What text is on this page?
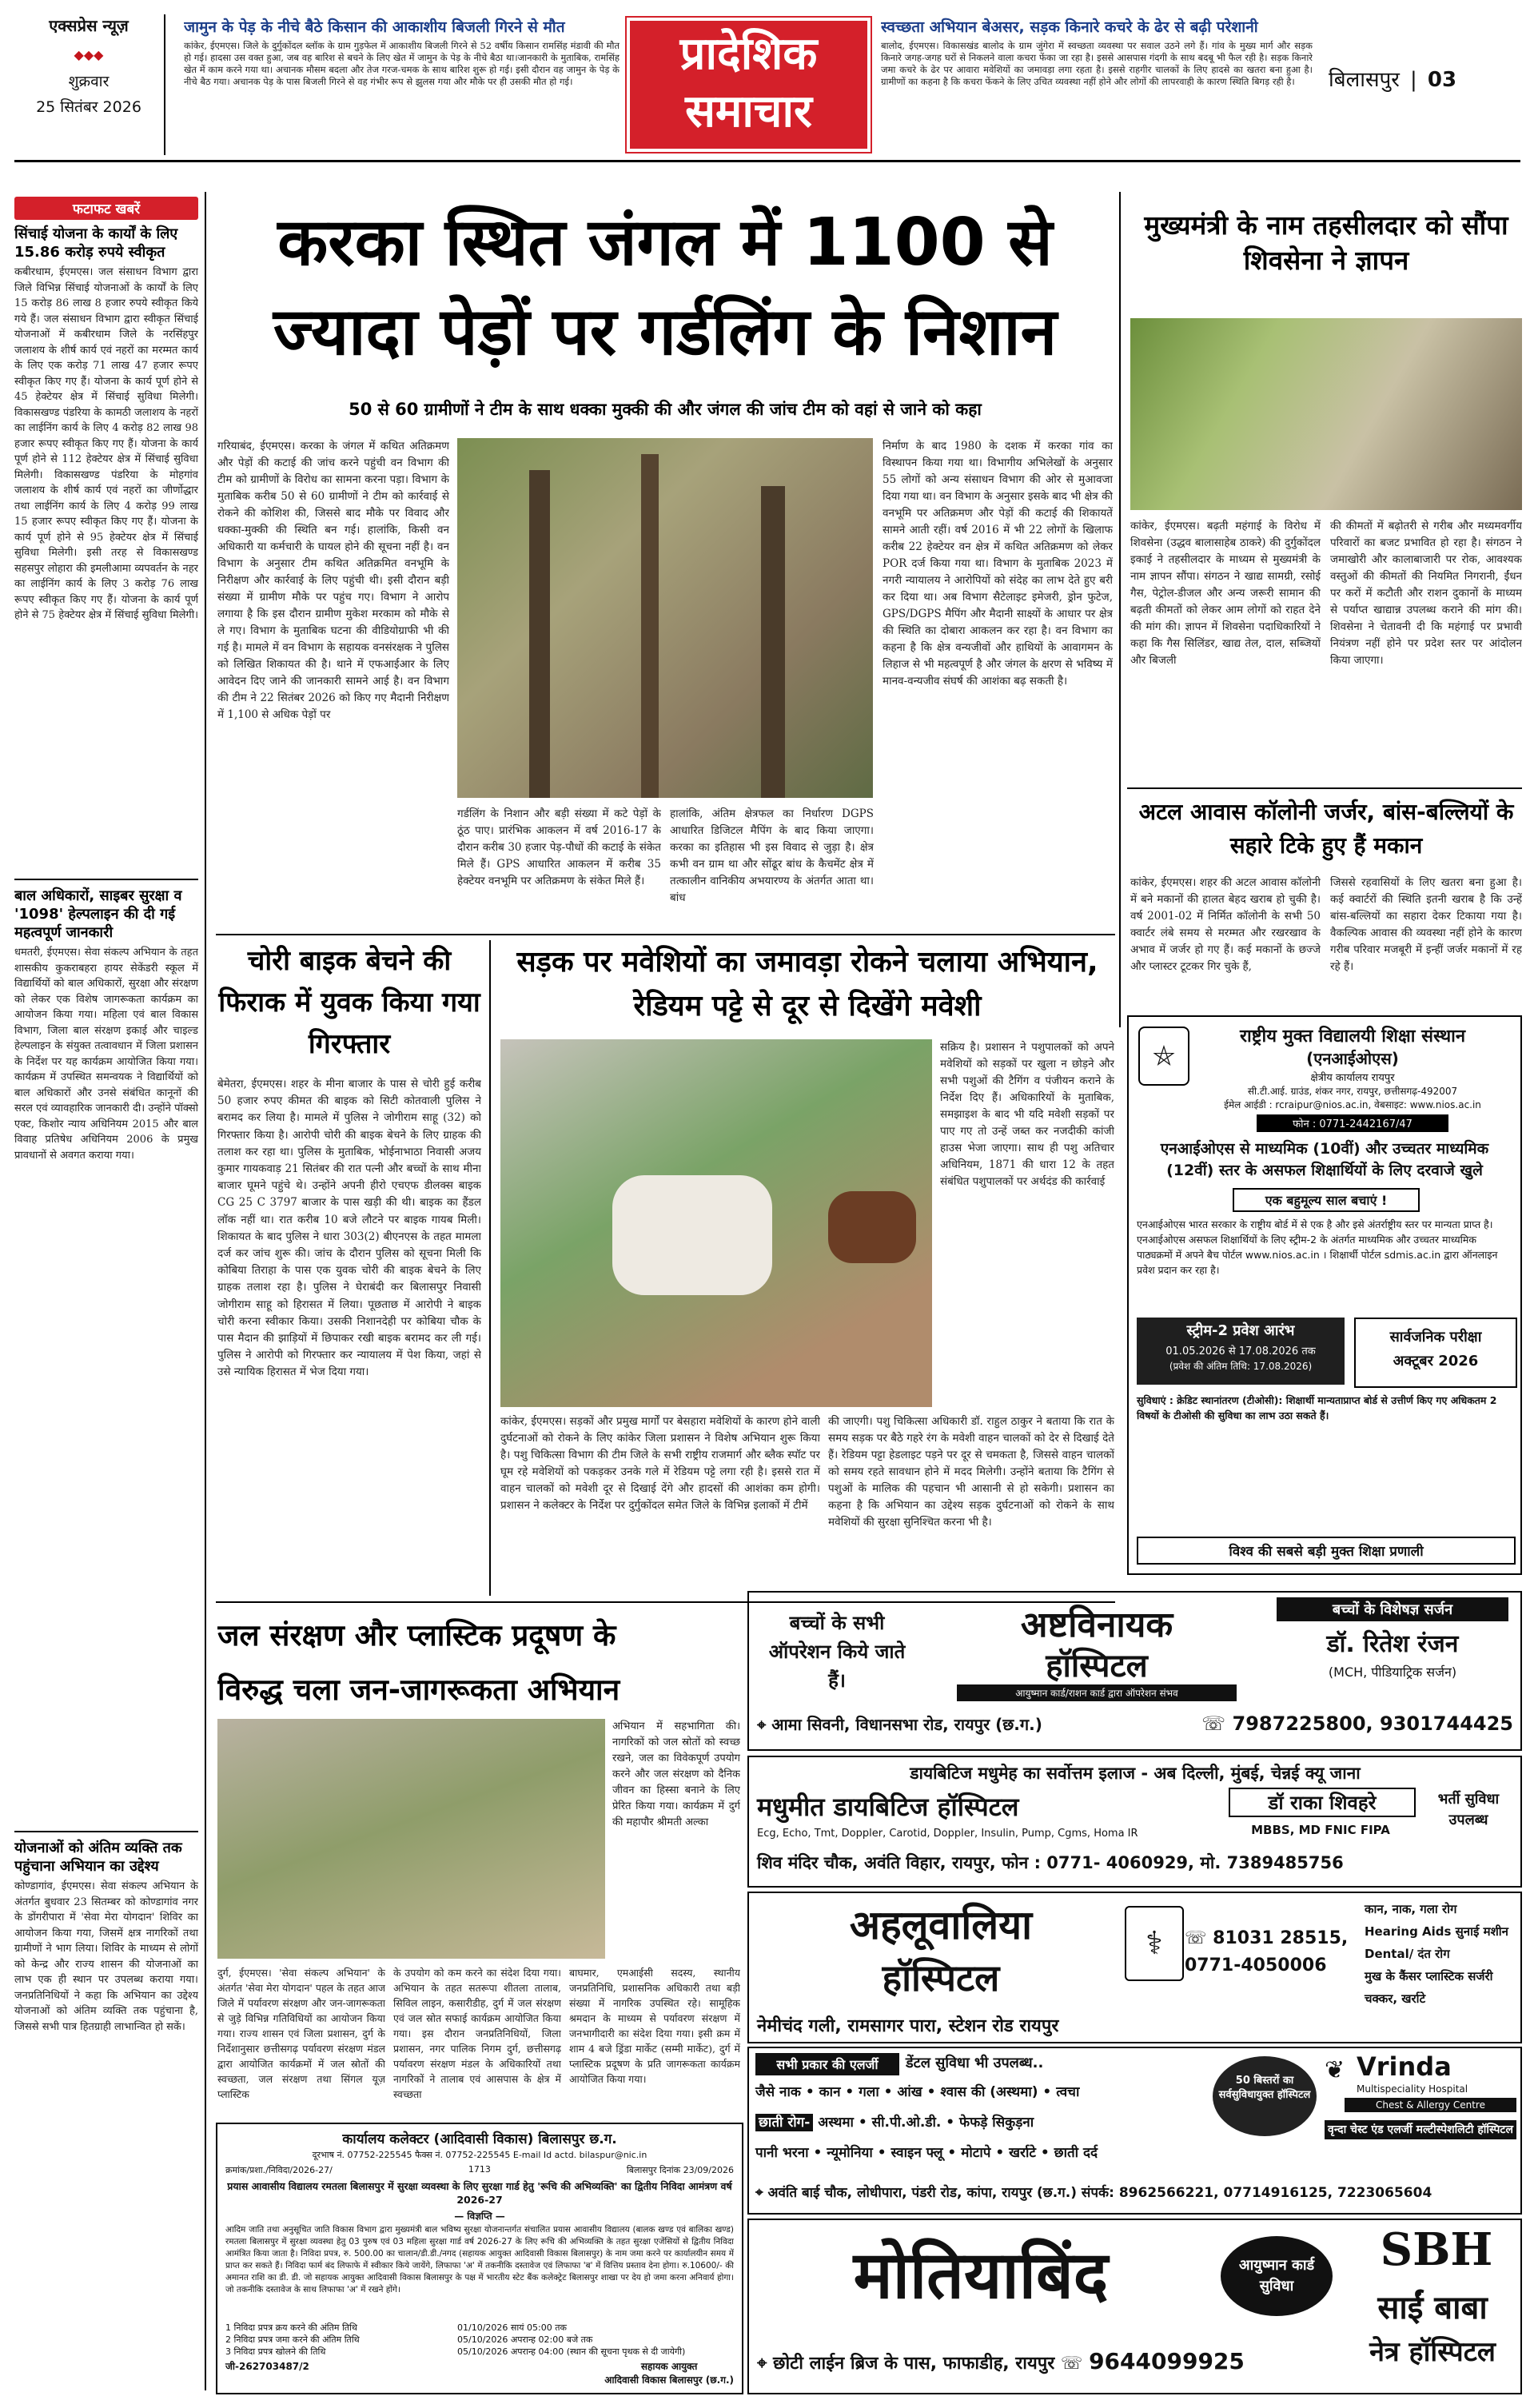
एक्सप्रेस न्यूज़
◆◆◆
शुक्रवार
25 सितंबर 2026
जामुन के पेड़ के नीचे बैठे किसान की आकाशीय बिजली गिरने से मौत
कांकेर, ईएमएस। जिले के दुर्गुकोंदल ब्लॉक के ग्राम गुड़फेल में आकाशीय बिजली गिरने से 52 वर्षीय किसान रामसिंह मंडावी की मौत हो गई। हादसा उस वक्त हुआ, जब वह बारिश से बचने के लिए खेत में जामुन के पेड़ के नीचे बैठा था।जानकारी के मुताबिक, रामसिंह खेत में काम करने गया था। अचानक मौसम बदला और तेज गरज-चमक के साथ बारिश शुरू हो गई। इसी दौरान वह जामुन के पेड़ के नीचे बैठ गया। अचानक पेड़ के पास बिजली गिरने से वह गंभीर रूप से झुलस गया और मौके पर ही उसकी मौत हो गई।
प्रादेशिक
समाचार
स्वच्छता अभियान बेअसर, सड़क किनारे कचरे के ढेर से बढ़ी परेशानी
बालोद, ईएमएस। विकासखंड बालोद के ग्राम जुंगेरा में स्वच्छता व्यवस्था पर सवाल उठने लगे हैं। गांव के मुख्य मार्ग और सड़क किनारे जगह-जगह घरों से निकलने वाला कचरा फेंका जा रहा है। इससे आसपास गंदगी के साथ बदबू भी फैल रही है। सड़क किनारे जमा कचरे के ढेर पर आवारा मवेशियों का जमावड़ा लगा रहता है। इससे राहगीर चालकों के लिए हादसे का खतरा बना हुआ है। ग्रामीणों का कहना है कि कचरा फेंकने के लिए उचित व्यवस्था नहीं होने और लोगों की लापरवाही के कारण स्थिति बिगड़ रही है।	बिलासपुर | 03
फटाफट खबरें
सिंचाई योजना के कार्यों के लिए 15.86 करोड़ रुपये स्वीकृत
कबीरधाम, ईएमएस। जल संसाधन विभाग द्वारा जिले विभिन्न सिंचाई योजनाओं के कार्यों के लिए 15 करोड़ 86 लाख 8 हजार रुपये स्वीकृत किये गये हैं। जल संसाधन विभाग द्वारा स्वीकृत सिंचाई योजनाओं में कबीरधाम जिले के नरसिंहपुर जलाशय के शीर्ष कार्य एवं नहरों का मरम्मत कार्य के लिए एक करोड़ 71 लाख 47 हजार रूपए स्वीकृत किए गए हैं। योजना के कार्य पूर्ण होने से 45 हेक्टेयर क्षेत्र में सिंचाई सुविधा मिलेगी। विकासखण्ड पंडरिया के कामठी जलाशय के नहरों का लाईनिंग कार्य के लिए 4 करोड़ 82 लाख 98 हजार रूपए स्वीकृत किए गए हैं। योजना के कार्य पूर्ण होने से 112 हेक्टेयर क्षेत्र में सिंचाई सुविधा मिलेगी। विकासखण्ड पंडरिया के मोहगांव जलाशय के शीर्ष कार्य एवं नहरों का जीर्णोद्धार तथा लाईनिंग कार्य के लिए 4 करोड़ 99 लाख 15 हजार रूपए स्वीकृत किए गए हैं। योजना के कार्य पूर्ण होने से 95 हेक्टेयर क्षेत्र में सिंचाई सुविधा मिलेगी। इसी तरह से विकासखण्ड सहसपुर लोहारा की इमलीआमा व्यपवर्तन के नहर का लाईनिंग कार्य के लिए 3 करोड़ 76 लाख रूपए स्वीकृत किए गए हैं। योजना के कार्य पूर्ण होने से 75 हेक्टेयर क्षेत्र में सिंचाई सुविधा मिलेगी।
बाल अधिकारों, साइबर सुरक्षा व '1098' हेल्पलाइन की दी गई महत्वपूर्ण जानकारी
धमतरी, ईएमएस। सेवा संकल्प अभियान के तहत शासकीय कुकराबहरा हायर सेकेंडरी स्कूल में विद्यार्थियों को बाल अधिकारों, सुरक्षा और संरक्षण को लेकर एक विशेष जागरूकता कार्यक्रम का आयोजन किया गया। महिला एवं बाल विकास विभाग, जिला बाल संरक्षण इकाई और चाइल्ड हेल्पलाइन के संयुक्त तत्वावधान में जिला प्रशासन के निर्देश पर यह कार्यक्रम आयोजित किया गया। कार्यक्रम में उपस्थित समन्वयक ने विद्यार्थियों को बाल अधिकारों और उनसे संबंधित कानूनों की सरल एवं व्यावहारिक जानकारी दी। उन्होंने पॉक्सो एक्ट, किशोर न्याय अधिनियम 2015 और बाल विवाह प्रतिषेध अधिनियम 2006 के प्रमुख प्रावधानों से अवगत कराया गया।
योजनाओं को अंतिम व्यक्ति तक पहुंचाना अभियान का उद्देश्य
कोण्डागांव, ईएमएस। सेवा संकल्प अभियान के अंतर्गत बुधवार 23 सितम्बर को कोण्डागांव नगर के डोंगरीपारा में 'सेवा मेरा योगदान' शिविर का आयोजन किया गया, जिसमें क्षत्र नागरिकों तथा ग्रामीणों ने भाग लिया। शिविर के माध्यम से लोगों को केन्द्र और राज्य शासन की योजनाओं का लाभ एक ही स्थान पर उपलब्ध कराया गया। जनप्रतिनिधियों ने कहा कि अभियान का उद्देश्य योजनाओं को अंतिम व्यक्ति तक पहुंचाना है, जिससे सभी पात्र हितग्राही लाभान्वित हो सकें।
करका स्थित जंगल में 1100 से
ज्यादा पेड़ों पर गर्डलिंग के निशान
50 से 60 ग्रामीणों ने टीम के साथ धक्का मुक्की की और जंगल की जांच टीम को वहां से जाने को कहा
गरियाबंद, ईएमएस। करका के जंगल में कथित अतिक्रमण और पेड़ों की कटाई की जांच करने पहुंची वन विभाग की टीम को ग्रामीणों के विरोध का सामना करना पड़ा। विभाग के मुताबिक करीब 50 से 60 ग्रामीणों ने टीम को कार्रवाई से रोकने की कोशिश की, जिससे बाद मौके पर विवाद और धक्का-मुक्की की स्थिति बन गई। हालांकि, किसी वन अधिकारी या कर्मचारी के घायल होने की सूचना नहीं है। वन विभाग के अनुसार टीम कथित अतिक्रमित वनभूमि के निरीक्षण और कार्रवाई के लिए पहुंची थी। इसी दौरान बड़ी संख्या में ग्रामीण मौके पर पहुंच गए। विभाग ने आरोप लगाया है कि इस दौरान ग्रामीण मुकेश मरकाम को मौके से ले गए। विभाग के मुताबिक घटना की वीडियोग्राफी भी की गई है। मामले में वन विभाग के सहायक वनसंरक्षक ने पुलिस को लिखित शिकायत की है। थाने में एफआईआर के लिए आवेदन दिए जाने की जानकारी सामने आई है। वन विभाग की टीम ने 22 सितंबर 2026 को किए गए मैदानी निरीक्षण में 1,100 से अधिक पेड़ों पर
गर्डलिंग के निशान और बड़ी संख्या में कटे पेड़ों के ठूंठ पाए। प्रारंभिक आकलन में वर्ष 2016-17 के दौरान करीब 30 हजार पेड़-पौधों की कटाई के संकेत मिले हैं। GPS आधारित आकलन में करीब 35 हेक्टेयर वनभूमि पर अतिक्रमण के संकेत मिले हैं।
हालांकि, अंतिम क्षेत्रफल का निर्धारण DGPS आधारित डिजिटल मैपिंग के बाद किया जाएगा। करका का इतिहास भी इस विवाद से जुड़ा है। क्षेत्र कभी वन ग्राम था और सोंढूर बांध के कैचमेंट क्षेत्र में तत्कालीन वानिकीय अभयारण्य के अंतर्गत आता था। बांध
निर्माण के बाद 1980 के दशक में करका गांव का विस्थापन किया गया था। विभागीय अभिलेखों के अनुसार 55 लोगों को अन्य संसाधन विभाग की ओर से मुआवजा दिया गया था। वन विभाग के अनुसार इसके बाद भी क्षेत्र की वनभूमि पर अतिक्रमण और पेड़ों की कटाई की शिकायतें सामने आती रहीं। वर्ष 2016 में भी 22 लोगों के खिलाफ करीब 22 हेक्टेयर वन क्षेत्र में कथित अतिक्रमण को लेकर POR दर्ज किया गया था। विभाग के मुताबिक 2023 में नगरी न्यायालय ने आरोपियों को संदेह का लाभ देते हुए बरी कर दिया था। अब विभाग सैटेलाइट इमेजरी, ड्रोन फुटेज, GPS/DGPS मैपिंग और मैदानी साक्ष्यों के आधार पर क्षेत्र की स्थिति का दोबारा आकलन कर रहा है। वन विभाग का कहना है कि क्षेत्र वन्यजीवों और हाथियों के आवागमन के लिहाज से भी महत्वपूर्ण है और जंगल के क्षरण से भविष्य में मानव-वन्यजीव संघर्ष की आशंका बढ़ सकती है।
मुख्यमंत्री के नाम तहसीलदार को सौंपा शिवसेना ने ज्ञापन
कांकेर, ईएमएस। बढ़ती महंगाई के विरोध में शिवसेना (उद्धव बालासाहेब ठाकरे) की दुर्गुकोंदल इकाई ने तहसीलदार के माध्यम से मुख्यमंत्री के नाम ज्ञापन सौंपा। संगठन ने खाद्य सामग्री, रसोई गैस, पेट्रोल-डीजल और अन्य जरूरी सामान की बढ़ती कीमतों को लेकर आम लोगों को राहत देने की मांग की। ज्ञापन में शिवसेना पदाधिकारियों ने कहा कि गैस सिलिंडर, खाद्य तेल, दाल, सब्जियों और बिजली
की कीमतों में बढ़ोतरी से गरीब और मध्यमवर्गीय परिवारों का बजट प्रभावित हो रहा है। संगठन ने जमाखोरी और कालाबाजारी पर रोक, आवश्यक वस्तुओं की कीमतों की नियमित निगरानी, ईंधन पर करों में कटौती और राशन दुकानों के माध्यम से पर्याप्त खाद्यान्न उपलब्ध कराने की मांग की। शिवसेना ने चेतावनी दी कि महंगाई पर प्रभावी नियंत्रण नहीं होने पर प्रदेश स्तर पर आंदोलन किया जाएगा।
अटल आवास कॉलोनी जर्जर, बांस-बल्लियों के सहारे टिके हुए हैं मकान
कांकेर, ईएमएस। शहर की अटल आवास कॉलोनी में बने मकानों की हालत बेहद खराब हो चुकी है। वर्ष 2001-02 में निर्मित कॉलोनी के सभी 50 क्वार्टर लंबे समय से मरम्मत और रखरखाव के अभाव में जर्जर हो गए हैं। कई मकानों के छज्जे और प्लास्टर टूटकर गिर चुके हैं,
जिससे रहवासियों के लिए खतरा बना हुआ है। कई क्वार्टरों की स्थिति इतनी खराब है कि उन्हें बांस-बल्लियों का सहारा देकर टिकाया गया है। वैकल्पिक आवास की व्यवस्था नहीं होने के कारण गरीब परिवार मजबूरी में इन्हीं जर्जर मकानों में रह रहे हैं।
चोरी बाइक बेचने की फिराक में युवक किया गया गिरफ्तार
बेमेतरा, ईएमएस। शहर के मीना बाजार के पास से चोरी हुई करीब 50 हजार रुपए कीमत की बाइक को सिटी कोतवाली पुलिस ने बरामद कर लिया है। मामले में पुलिस ने जोगीराम साहू (32) को गिरफ्तार किया है। आरोपी चोरी की बाइक बेचने के लिए ग्राहक की तलाश कर रहा था। पुलिस के मुताबिक, भोईनाभाठा निवासी अजय कुमार गायकवाड़ 21 सितंबर की रात पत्नी और बच्चों के साथ मीना बाजार घूमने पहुंचे थे। उन्होंने अपनी हीरो एचएफ डीलक्स बाइक CG 25 C 3797 बाजार के पास खड़ी की थी। बाइक का हैंडल लॉक नहीं था। रात करीब 10 बजे लौटने पर बाइक गायब मिली। शिकायत के बाद पुलिस ने धारा 303(2) बीएनएस के तहत मामला दर्ज कर जांच शुरू की। जांच के दौरान पुलिस को सूचना मिली कि कोबिया तिराहा के पास एक युवक चोरी की बाइक बेचने के लिए ग्राहक तलाश रहा है। पुलिस ने घेराबंदी कर बिलासपुर निवासी जोगीराम साहू को हिरासत में लिया। पूछताछ में आरोपी ने बाइक चोरी करना स्वीकार किया। उसकी निशानदेही पर कोबिया चौक के पास मैदान की झाड़ियों में छिपाकर रखी बाइक बरामद कर ली गई। पुलिस ने आरोपी को गिरफ्तार कर न्यायालय में पेश किया, जहां से उसे न्यायिक हिरासत में भेज दिया गया।
सड़क पर मवेशियों का जमावड़ा रोकने चलाया अभियान, रेडियम पट्टे से दूर से दिखेंगे मवेशी
सक्रिय है। प्रशासन ने पशुपालकों को अपने मवेशियों को सड़कों पर खुला न छोड़ने और सभी पशुओं की टैगिंग व पंजीयन कराने के निर्देश दिए हैं। अधिकारियों के मुताबिक, समझाइश के बाद भी यदि मवेशी सड़कों पर पाए गए तो उन्हें जब्त कर नजदीकी कांजी हाउस भेजा जाएगा। साथ ही पशु अतिचार अधिनियम, 1871 की धारा 12 के तहत संबंधित पशुपालकों पर अर्थदंड की कार्रवाई
कांकेर, ईएमएस। सड़कों और प्रमुख मार्गों पर बेसहारा मवेशियों के कारण होने वाली दुर्घटनाओं को रोकने के लिए कांकेर जिला प्रशासन ने विशेष अभियान शुरू किया है। पशु चिकित्सा विभाग की टीम जिले के सभी राष्ट्रीय राजमार्ग और ब्लैक स्पॉट पर घूम रहे मवेशियों को पकड़कर उनके गले में रेडियम पट्टे लगा रही है। इससे रात में वाहन चालकों को मवेशी दूर से दिखाई देंगे और हादसों की आशंका कम होगी। प्रशासन ने कलेक्टर के निर्देश पर दुर्गुकोंदल समेत जिले के विभिन्न इलाकों में टीमें
की जाएगी। पशु चिकित्सा अधिकारी डॉ. राहुल ठाकुर ने बताया कि रात के समय सड़क पर बैठे गहरे रंग के मवेशी वाहन चालकों को देर से दिखाई देते हैं। रेडियम पट्टा हेडलाइट पड़ने पर दूर से चमकता है, जिससे वाहन चालकों को समय रहते सावधान होने में मदद मिलेगी। उन्होंने बताया कि टैगिंग से पशुओं के मालिक की पहचान भी आसानी से हो सकेगी। प्रशासन का कहना है कि अभियान का उद्देश्य सड़क दुर्घटनाओं को रोकने के साथ मवेशियों की सुरक्षा सुनिश्चित करना भी है।
⛤
राष्ट्रीय मुक्त विद्यालयी शिक्षा संस्थान
(एनआईओएस)
क्षेत्रीय कार्यालय रायपुर
सी.टी.आई. ग्राउंड, शंकर नगर, रायपुर, छत्तीसगढ़-492007
ईमेल आईडी : rcraipur@nios.ac.in, वेबसाइट: www.nios.ac.in
फोन : 0771-2442167/47
एनआईओएस से माध्यमिक (10वीं) और उच्चतर माध्यमिक (12वीं) स्तर के असफल शिक्षार्थियों के लिए दरवाजे खुले
एक बहुमूल्य साल बचाएं !
एनआईओएस भारत सरकार के राष्ट्रीय बोर्ड में से एक है और इसे अंतर्राष्ट्रीय स्तर पर मान्यता प्राप्त है। एनआईओएस असफल शिक्षार्थियों के लिए स्ट्रीम-2 के अंतर्गत माध्यमिक और उच्चतर माध्यमिक पाठ्यक्रमों में अपने बैच पोर्टल www.nios.ac.in । शिक्षार्थी पोर्टल sdmis.ac.in द्वारा ऑनलाइन प्रवेश प्रदान कर रहा है।
स्ट्रीम-2 प्रवेश आरंभ
01.05.2026 से 17.08.2026 तक
(प्रवेश की अंतिम तिथि: 17.08.2026)
सार्वजनिक परीक्षा
अक्टूबर 2026
सुविधाएं : क्रेडिट स्थानांतरण (टीओसी): शिक्षार्थी मान्यताप्राप्त बोर्ड से उत्तीर्ण किए गए अधिकतम 2 विषयों के टीओसी की सुविधा का लाभ उठा सकते हैं।
विश्व की सबसे बड़ी मुक्त शिक्षा प्रणाली
जल संरक्षण और प्लास्टिक प्रदूषण के
विरुद्ध चला जन-जागरूकता अभियान
अभियान में सहभागिता की। नागरिकों को जल स्रोतों को स्वच्छ रखने, जल का विवेकपूर्ण उपयोग करने और जल संरक्षण को दैनिक जीवन का हिस्सा बनाने के लिए प्रेरित किया गया। कार्यक्रम में दुर्ग की महापौर श्रीमती अल्का
दुर्ग, ईएमएस। 'सेवा संकल्प अभियान' के अंतर्गत 'सेवा मेरा योगदान' पहल के तहत आज जिले में पर्यावरण संरक्षण और जन-जागरूकता से जुड़े विभिन्न गतिविधियों का आयोजन किया गया। राज्य शासन एवं जिला प्रशासन, दुर्ग के निर्देशानुसार छत्तीसगढ़ पर्यावरण संरक्षण मंडल द्वारा आयोजित कार्यक्रमों में जल स्रोतों की स्वच्छता, जल संरक्षण तथा सिंगल यूज़ प्लास्टिक
के उपयोग को कम करने का संदेश दिया गया। अभियान के तहत सतरूपा शीतला तालाब, सिविल लाइन, कसारीडीह, दुर्ग में जल संरक्षण एवं जल स्रोत सफाई कार्यक्रम आयोजित किया गया। इस दौरान जनप्रतिनिधियों, जिला प्रशासन, नगर पालिक निगम दुर्ग, छत्तीसगढ़ पर्यावरण संरक्षण मंडल के अधिकारियों तथा नागरिकों ने तालाब एवं आसपास के क्षेत्र में स्वच्छता
बाघमार, एमआईसी सदस्य, स्थानीय जनप्रतिनिधि, प्रशासनिक अधिकारी तथा बड़ी संख्या में नागरिक उपस्थित रहे। सामूहिक श्रमदान के माध्यम से पर्यावरण संरक्षण में जनभागीदारी का संदेश दिया गया। इसी क्रम में शाम 4 बजे ड्रिंडा मार्केट (सम्मी मार्केट), दुर्ग में प्लास्टिक प्रदूषण के प्रति जागरूकता कार्यक्रम आयोजित किया गया।
कार्यालय कलेक्टर (आदिवासी विकास) बिलासपुर छ.ग.
दूरभाष नं. 07752-225545 फैक्स नं. 07752-225545 E-mail Id actd. bilaspur@nic.in
क्रमांक/प्रशा./निविदा/2026-27/	1713	बिलासपुर दिनांक 23/09/2026
प्रयास आवासीय विद्यालय रमतला बिलासपुर में सुरक्षा व्यवस्था के लिए सुरक्षा गार्ड हेतु 'रूचि की अभिव्यक्ति' का द्वितीय निविदा आमंत्रण वर्ष 2026-27
— विज्ञप्ति —
आदिम जाति तथा अनुसूचित जाति विकास विभाग द्वारा मुख्यमंत्री बाल भविष्य सुरक्षा योजनान्तर्गत संचालित प्रयास आवासीय विद्यालय (बालक खण्ड एवं बालिका खण्ड) रमतला बिलासपुर में सुरक्षा व्यवस्था हेतु 03 पुरुष एवं 03 महिला सुरक्षा गार्ड वर्ष 2026-27 के लिए रूचि की अभिव्यक्ति के तहत सुरक्षा एजेंसियों से द्वितीय निविदा आमंत्रित किया जाता है। निविदा प्रपत्र, रु. 500.00 का चालान/डी.डी./नगद (सहायक आयुक्त आदिवासी विकास बिलासपुर) के नाम जमा करने पर कार्यालयीन समय में प्राप्त कर सकते हैं। निविदा फार्म बंद लिफाफे में स्वीकार किये जायेंगे, लिफाफा 'अ' में तकनीकि दस्तावेज एवं लिफाफा 'ब' में वित्तिय प्रस्ताव देना होगा। रु.10600/- की अमानत राशि का डी. डी. जो सहायक आयुक्त आदिवासी विकास बिलासपुर के पक्ष में भारतीय स्टेट बैंक कलेक्ट्रेट बिलासपुर शाखा पर देय हो जमा करना अनिवार्य होगा। जो तकनीकि दस्तावेज के साथ लिफाफा 'अ' में रखने होंगे।
1 निविदा प्रपत्र क्रय करने की अंतिम तिथि	01/10/2026 सायं 05:00 तक
2 निविदा प्रपत्र जमा करने की अंतिम तिथि	05/10/2026 अपरान्ह 02:00 बजे तक
3 निविदा प्रपत्र खोलने की तिथि	05/10/2026 अपरान्ह 04:00 (स्थान की सूचना पृथक से दी जायेगी)
जी-262703487/2	सहायक आयुक्त
आदिवासी विकास बिलासपुर (छ.ग.)
बच्चों के सभी ऑपरेशन किये जाते हैं।
अष्टविनायक
हॉस्पिटल
आयुष्मान कार्ड/राशन कार्ड द्वारा ऑपरेशन संभव
बच्चों के विशेषज्ञ सर्जन
डॉ. रितेश रंजन
(MCH, पीडियाट्रिक सर्जन)
⌖ आमा सिवनी, विधानसभा रोड, रायपुर (छ.ग.)	☏ 7987225800, 9301744425
डायबिटिज मधुमेह का सर्वोत्तम इलाज - अब दिल्ली, मुंबई, चेन्नई क्यू जाना
मधुमीत डायबिटिज हॉस्पिटल
Ecg, Echo, Tmt, Doppler, Carotid, Doppler, Insulin, Pump, Cgms, Homa IR
डॉ राका शिवहरे
MBBS, MD FNIC FIPA
भर्ती सुविधा उपलब्ध
शिव मंदिर चौक, अवंति विहार, रायपुर, फोन : 0771- 4060929, मो. 7389485756
अहलूवालिया
हॉस्पिटल
⚕	☏ 81031 28515,
0771-4050006
कान, नाक, गला रोग
Hearing Aids सुनाई मशीन
Dental/ दंत रोग
मुख के कैंसर प्लास्टिक सर्जरी
चक्कर, खर्राटे
नेमीचंद गली, रामसागर पारा, स्टेशन रोड रायपुर
सभी प्रकार की एलर्जी	डेंटल सुविधा भी उपलब्ध..
जैसे नाक • कान • गला • आंख • श्वास की (अस्थमा) • त्वचा
छाती रोग- अस्थमा • सी.पी.ओ.डी. • फेफड़े सिकुड़ना
पानी भरना • न्यूमोनिया • स्वाइन फ्लू • मोटापे • खर्राटे • छाती दर्द
50 बिस्तरों का सर्वसुविधायुक्त हॉस्पिटल
❦ Vrinda
Multispeciality Hospital
Chest & Allergy Centre
वृन्दा चेस्ट एंड एलर्जी मल्टीस्पेशलिटी हॉस्पिटल
⌖ अवंति बाई चौक, लोधीपारा, पंडरी रोड, कांपा, रायपुर (छ.ग.) संपर्क: 8962566221, 07714916125, 7223065604
मोतियाबिंद	आयुष्मान कार्ड सुविधा
SBH
साईं बाबा
नेत्र हॉस्पिटल
⌖ छोटी लाईन ब्रिज के पास, फाफाडीह, रायपुर ☏ 9644099925
